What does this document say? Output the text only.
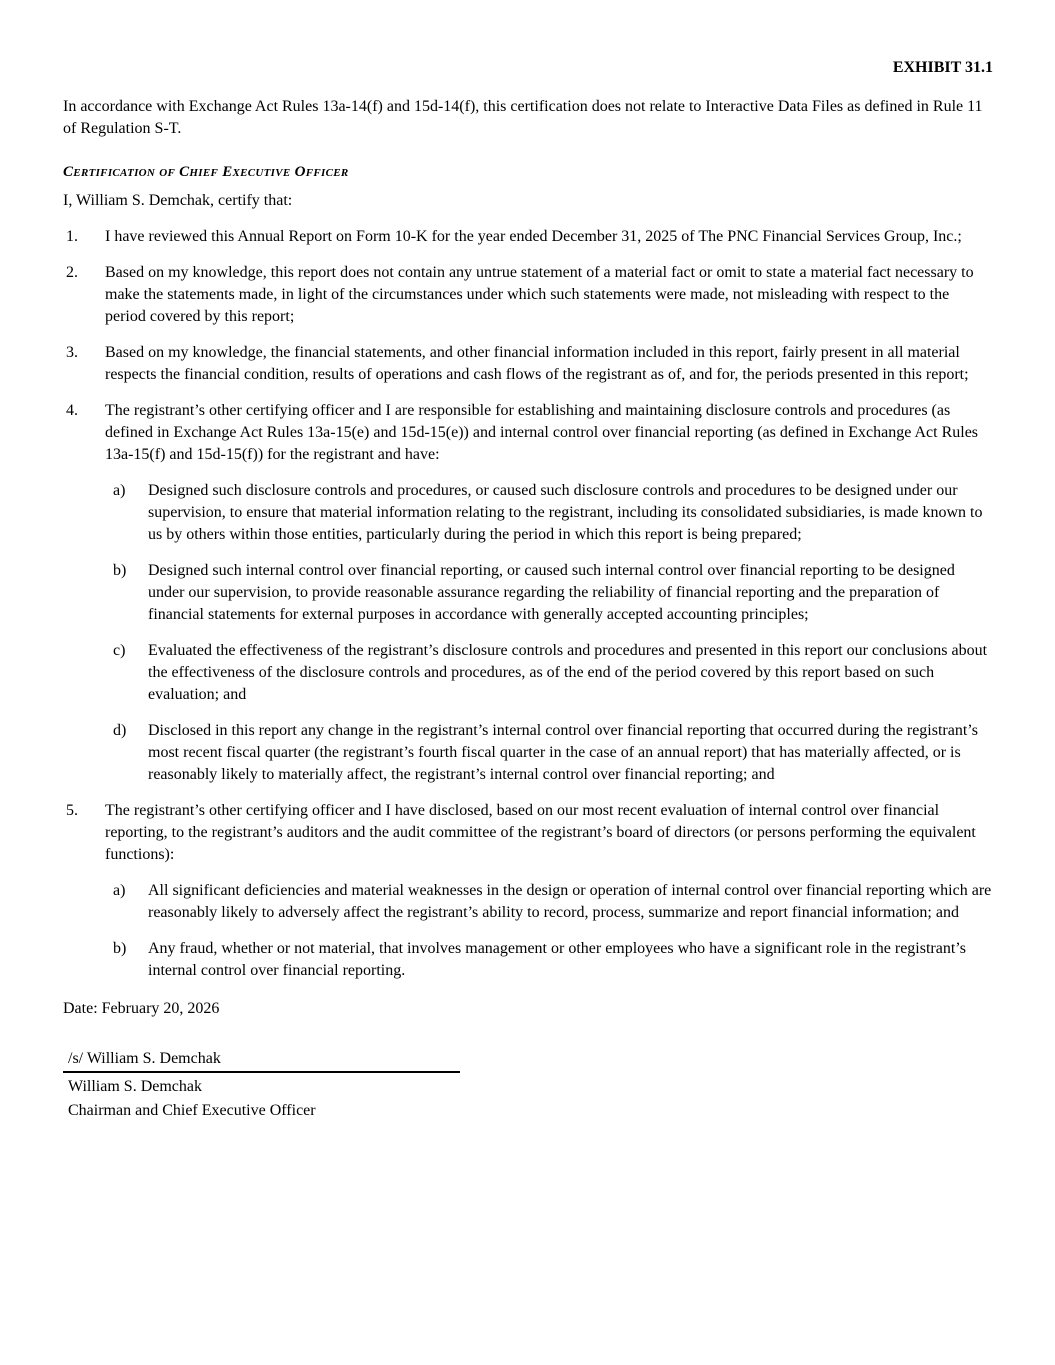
EXHIBIT 31.1

In accordance with Exchange Act Rules 13a-14(f) and 15d-14(f), this certification does not relate to Interactive Data Files as defined in Rule 11 of Regulation S-T.

Certification of Chief Executive Officer

I, William S. Demchak, certify that:

1.	I have reviewed this Annual Report on Form 10-K for the year ended December 31, 2025 of The PNC Financial Services Group, Inc.;
2.	Based on my knowledge, this report does not contain any untrue statement of a material fact or omit to state a material fact necessary to make the statements made, in light of the circumstances under which such statements were made, not misleading with respect to the period covered by this report;
3.	Based on my knowledge, the financial statements, and other financial information included in this report, fairly present in all material respects the financial condition, results of operations and cash flows of the registrant as of, and for, the periods presented in this report;
4.	The registrant’s other certifying officer and I are responsible for establishing and maintaining disclosure controls and procedures (as defined in Exchange Act Rules 13a-15(e) and 15d-15(e)) and internal control over financial reporting (as defined in Exchange Act Rules 13a-15(f) and 15d-15(f)) for the registrant and have:
a)	Designed such disclosure controls and procedures, or caused such disclosure controls and procedures to be designed under our supervision, to ensure that material information relating to the registrant, including its consolidated subsidiaries, is made known to us by others within those entities, particularly during the period in which this report is being prepared;
b)	Designed such internal control over financial reporting, or caused such internal control over financial reporting to be designed under our supervision, to provide reasonable assurance regarding the reliability of financial reporting and the preparation of financial statements for external purposes in accordance with generally accepted accounting principles;
c)	Evaluated the effectiveness of the registrant’s disclosure controls and procedures and presented in this report our conclusions about the effectiveness of the disclosure controls and procedures, as of the end of the period covered by this report based on such evaluation; and
d)	Disclosed in this report any change in the registrant’s internal control over financial reporting that occurred during the registrant’s most recent fiscal quarter (the registrant’s fourth fiscal quarter in the case of an annual report) that has materially affected, or is reasonably likely to materially affect, the registrant’s internal control over financial reporting; and
5.	The registrant’s other certifying officer and I have disclosed, based on our most recent evaluation of internal control over financial reporting, to the registrant’s auditors and the audit committee of the registrant’s board of directors (or persons performing the equivalent functions):
a)	All significant deficiencies and material weaknesses in the design or operation of internal control over financial reporting which are reasonably likely to adversely affect the registrant’s ability to record, process, summarize and report financial information; and
b)	Any fraud, whether or not material, that involves management or other employees who have a significant role in the registrant’s internal control over financial reporting.

Date: February 20, 2026

/s/ William S. Demchak
William S. Demchak
Chairman and Chief Executive Officer
